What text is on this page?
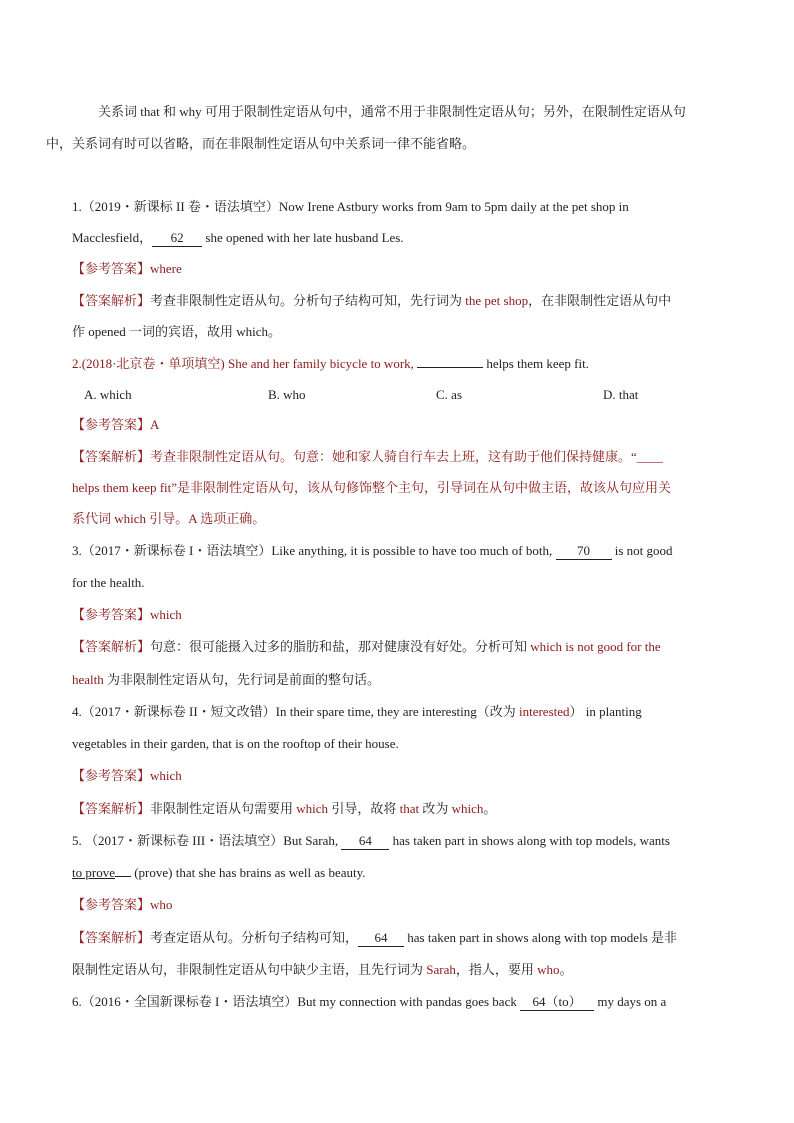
关系词 that 和 why 可用于限制性定语从句中，通常不用于非限制性定语从句；另外，在限制性定语从句
中，关系词有时可以省略，而在非限制性定语从句中关系词一律不能省略。
1.（2019・新课标 II 卷・语法填空）Now Irene Astbury works from 9am to 5pm daily at the pet shop in
Macclesfield， 62 she opened with her late husband Les.
【参考答案】where
【答案解析】考查非限制性定语从句。分析句子结构可知，先行词为 the pet shop，在非限制性定语从句中
作 opened 一词的宾语，故用 which。
2.(2018·北京卷・单项填空) She and her family bicycle to work,	helps them keep fit.
A. which	B. who	C. as	D. that
【参考答案】A
【答案解析】考查非限制性定语从句。句意：她和家人骑自行车去上班，这有助于他们保持健康。“____
helps them keep fit”是非限制性定语从句，该从句修饰整个主句，引导词在从句中做主语，故该从句应用关
系代词 which 引导。A 选项正确。
3.（2017・新课标卷 I・语法填空）Like anything, it is possible to have too much of both, 70 is not good
for the health.
【参考答案】which
【答案解析】句意：很可能摄入过多的脂肪和盐，那对健康没有好处。分析可知 which is not good for the
health 为非限制性定语从句，先行词是前面的整句话。
4.（2017・新课标卷 II・短文改错）In their spare time, they are interesting（改为 interested） in planting
vegetables in their garden, that is on the rooftop of their house.
【参考答案】which
【答案解析】非限制性定语从句需要用 which 引导，故将 that 改为 which。
5. （2017・新课标卷 III・语法填空）But Sarah, 64 has taken part in shows along with top models, wants
to prove (prove) that she has brains as well as beauty.
【参考答案】who
【答案解析】考查定语从句。分析句子结构可知， 64 has taken part in shows along with top models 是非
限制性定语从句，非限制性定语从句中缺少主语，且先行词为 Sarah，指人，要用 who。
6.（2016・全国新课标卷 I・语法填空）But my connection with pandas goes back 64（to） my days on a
